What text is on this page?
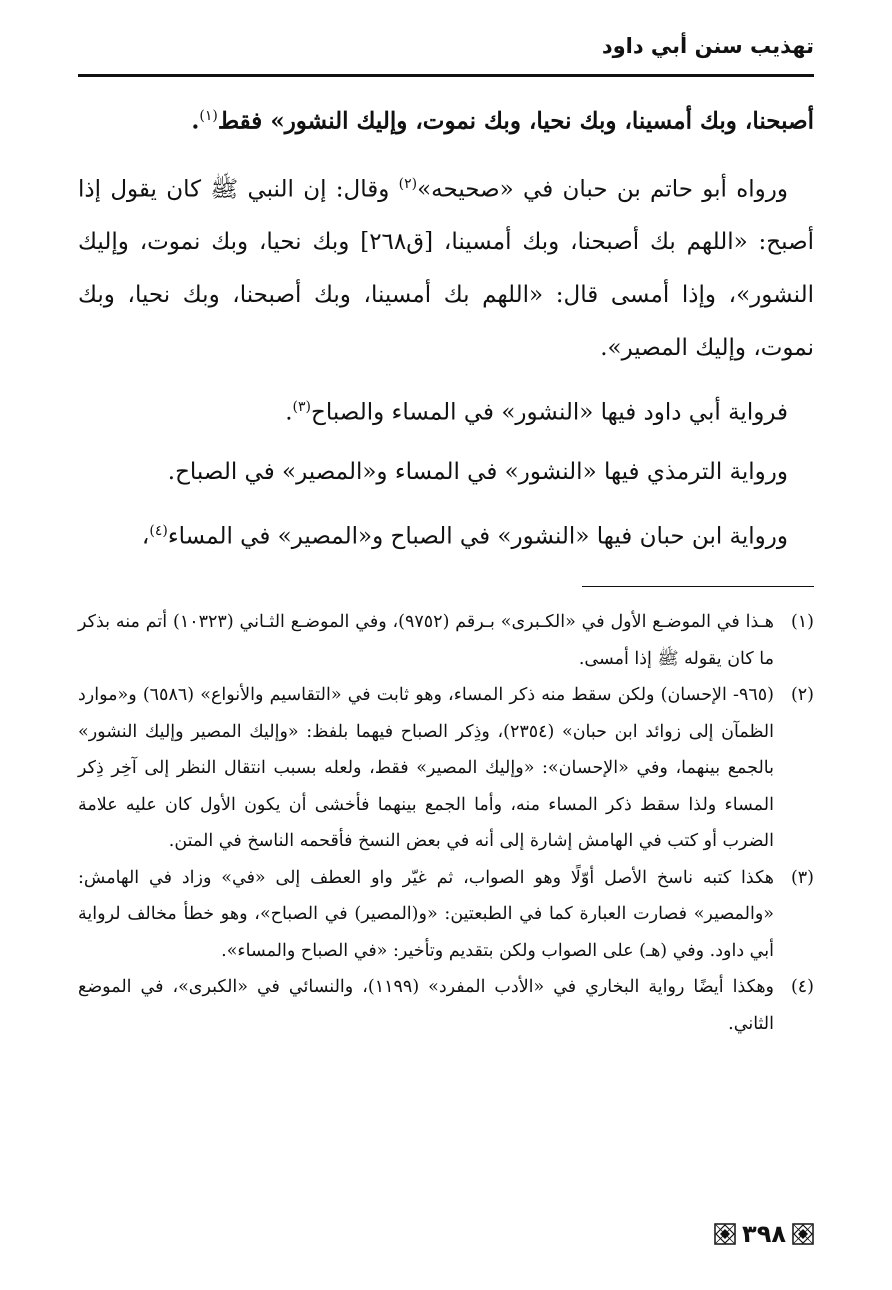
تهذيب سنن أبي داود

أصبحنا، وبك أمسينا، وبك نحيا، وبك نموت، وإليك النشور» فقط$^{(١)}$.

ورواه أبو حاتم بن حبان في «صحيحه»$^{(٢)}$ وقال: إن النبي ﷺ كان يقول إذا أصبح: «اللهم بك أصبحنا، وبك أمسينا، [ق٢٦٨] وبك نحيا، وبك نموت، وإليك النشور»، وإذا أمسى قال: «اللهم بك أمسينا، وبك أصبحنا، وبك نحيا، وبك نموت، وإليك المصير».

فرواية أبي داود فيها «النشور» في المساء والصباح$^{(٣)}$.

ورواية الترمذي فيها «النشور» في المساء و«المصير» في الصباح.

ورواية ابن حبان فيها «النشور» في الصباح و«المصير» في المساء$^{(٤)}$،

(١)
هـذا في الموضـع الأول في «الكـبرى» بـرقم (٩٧٥٢)، وفي الموضـع الثـاني (١٠٣٢٣) أتم منه بذكر ما كان يقوله ﷺ إذا أمسى.
(٢)
(٩٦٥- الإحسان) ولكن سقط منه ذكر المساء، وهو ثابت في «التقاسيم والأنواع» (٦٥٨٦) و«موارد الظمآن إلى زوائد ابن حبان» (٢٣٥٤)، وذِكر الصباح فيهما بلفظ: «وإليك المصير وإليك النشور» بالجمع بينهما، وفي «الإحسان»: «وإليك المصير» فقط، ولعله بسبب انتقال النظر إلى آخِر ذِكر المساء ولذا سقط ذكر المساء منه، وأما الجمع بينهما فأخشى أن يكون الأول كان عليه علامة الضرب أو كتب في الهامش إشارة إلى أنه في بعض النسخ فأقحمه الناسخ في المتن.
(٣)
هكذا كتبه ناسخ الأصل أوّلًا وهو الصواب، ثم غيّر واو العطف إلى «في» وزاد في الهامش: «والمصير» فصارت العبارة كما في الطبعتين: «و(المصير) في الصباح»، وهو خطأ مخالف لرواية أبي داود. وفي (هـ) على الصواب ولكن بتقديم وتأخير: «في الصباح والمساء».
(٤)
وهكذا أيضًا رواية البخاري في «الأدب المفرد» (١١٩٩)، والنسائي في «الكبرى»، في الموضع الثاني.
٣٩٨
